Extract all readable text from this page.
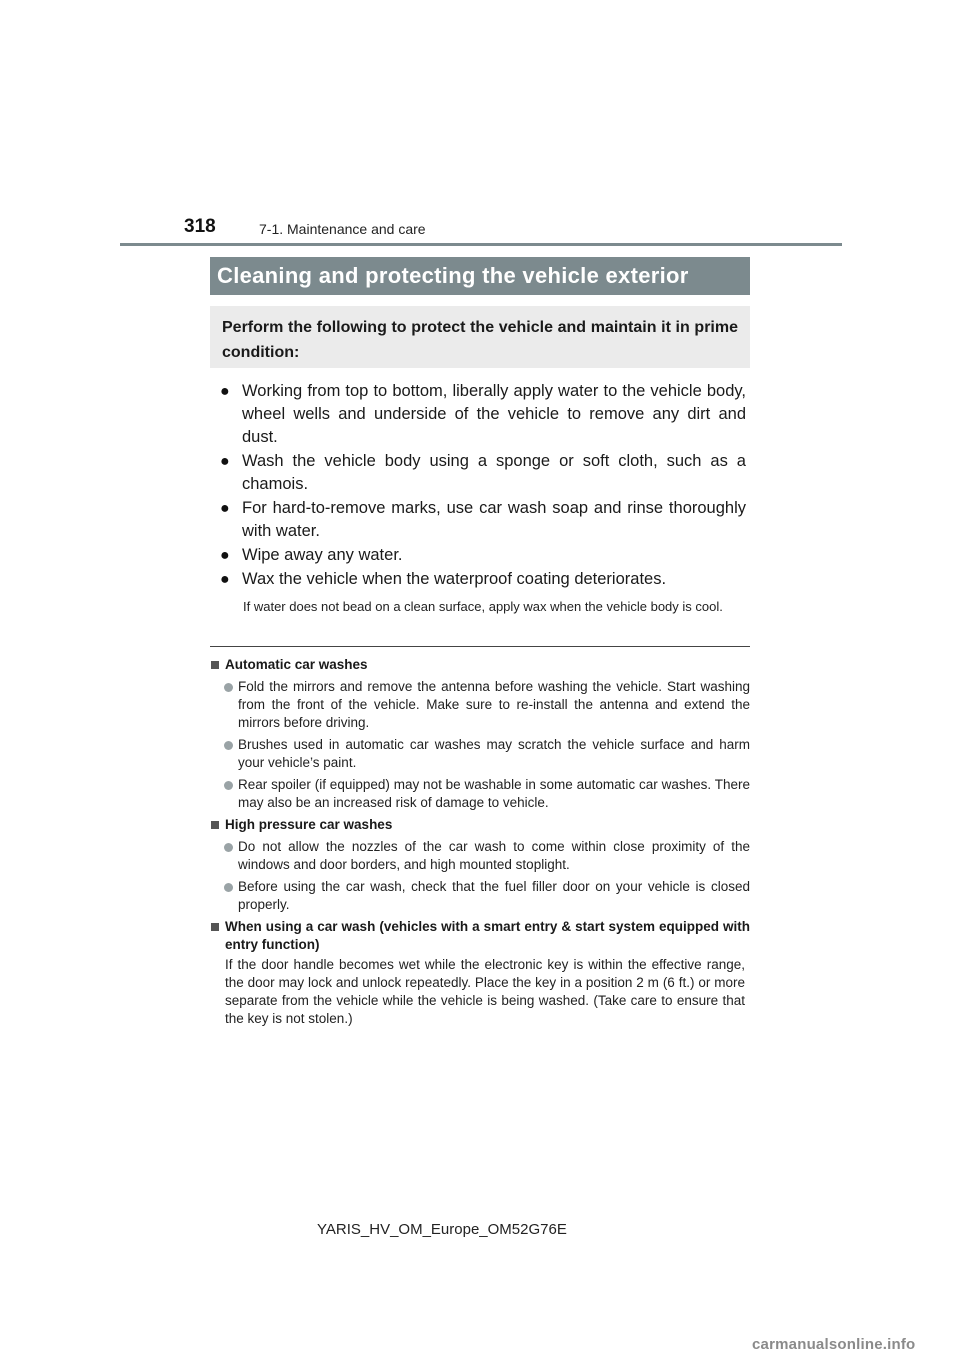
318	7-1. Maintenance and care
Cleaning and protecting the vehicle exterior
Perform the following to protect the vehicle and maintain it in prime condition:
● Working from top to bottom, liberally apply water to the vehicle body, wheel wells and underside of the vehicle to remove any dirt and dust.
● Wash the vehicle body using a sponge or soft cloth, such as a chamois.
● For hard-to-remove marks, use car wash soap and rinse thoroughly with water.
● Wipe away any water.
● Wax the vehicle when the waterproof coating deteriorates.
If water does not bead on a clean surface, apply wax when the vehicle body is cool.
Automatic car washes
Fold the mirrors and remove the antenna before washing the vehicle. Start washing from the front of the vehicle. Make sure to re-install the antenna and extend the mirrors before driving.
Brushes used in automatic car washes may scratch the vehicle surface and harm your vehicle’s paint.
Rear spoiler (if equipped) may not be washable in some automatic car washes. There may also be an increased risk of damage to vehicle.
High pressure car washes
Do not allow the nozzles of the car wash to come within close proximity of the windows and door borders, and high mounted stoplight.
Before using the car wash, check that the fuel filler door on your vehicle is closed properly.
When using a car wash (vehicles with a smart entry & start system equipped with entry function)
If the door handle becomes wet while the electronic key is within the effective range, the door may lock and unlock repeatedly. Place the key in a position 2 m (6 ft.) or more separate from the vehicle while the vehicle is being washed. (Take care to ensure that the key is not stolen.)
YARIS_HV_OM_Europe_OM52G76E
carmanualsonline.info
